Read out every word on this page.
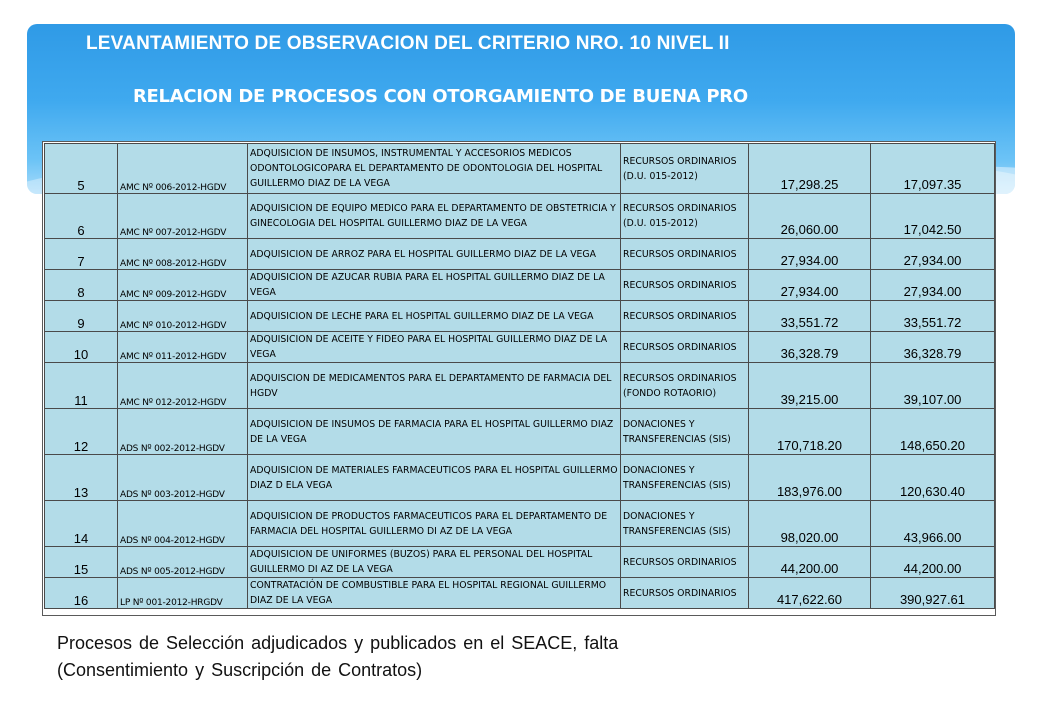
LEVANTAMIENTO DE OBSERVACION DEL CRITERIO NRO. 10 NIVEL II
RELACION DE PROCESOS CON OTORGAMIENTO DE BUENA PRO
5	AMC Nº 006-2012-HGDV	ADQUISICION DE INSUMOS, INSTRUMENTAL Y ACCESORIOS MEDICOS ODONTOLOGICOPARA EL DEPARTAMENTO DE ODONTOLOGIA DEL HOSPITAL GUILLERMO DIAZ DE LA VEGA	RECURSOS ORDINARIOS (D.U. 015-2012)	17,298.25	17,097.35
6	AMC Nº 007-2012-HGDV	ADQUISICION DE EQUIPO MEDICO PARA EL DEPARTAMENTO DE OBSTETRICIA Y GINECOLOGIA DEL HOSPITAL GUILLERMO DIAZ DE LA VEGA	RECURSOS ORDINARIOS (D.U. 015-2012)	26,060.00	17,042.50
7	AMC Nº 008-2012-HGDV	ADQUISICION DE ARROZ PARA EL HOSPITAL GUILLERMO DIAZ DE LA VEGA	RECURSOS ORDINARIOS	27,934.00	27,934.00
8	AMC Nº 009-2012-HGDV	ADQUISICION DE AZUCAR RUBIA PARA EL HOSPITAL GUILLERMO DIAZ DE LA VEGA	RECURSOS ORDINARIOS	27,934.00	27,934.00
9	AMC Nº 010-2012-HGDV	ADQUISICION DE LECHE PARA EL HOSPITAL GUILLERMO DIAZ DE LA VEGA	RECURSOS ORDINARIOS	33,551.72	33,551.72
10	AMC Nº 011-2012-HGDV	ADQUISICION DE ACEITE Y FIDEO PARA EL HOSPITAL GUILLERMO DIAZ DE LA VEGA	RECURSOS ORDINARIOS	36,328.79	36,328.79
11	AMC Nº 012-2012-HGDV	ADQUISCION DE MEDICAMENTOS PARA EL DEPARTAMENTO DE FARMACIA DEL HGDV	RECURSOS ORDINARIOS (FONDO ROTAORIO)	39,215.00	39,107.00
12	ADS Nº 002-2012-HGDV	ADQUISICION DE INSUMOS DE FARMACIA PARA EL HOSPITAL GUILLERMO DIAZ DE LA VEGA	DONACIONES Y TRANSFERENCIAS (SIS)	170,718.20	148,650.20
13	ADS Nº 003-2012-HGDV	ADQUISICION DE MATERIALES FARMACEUTICOS PARA EL HOSPITAL GUILLERMO DIAZ D ELA VEGA	DONACIONES Y TRANSFERENCIAS (SIS)	183,976.00	120,630.40
14	ADS Nº 004-2012-HGDV	ADQUISICION DE PRODUCTOS FARMACEUTICOS PARA EL DEPARTAMENTO DE FARMACIA DEL HOSPITAL GUILLERMO DI AZ DE LA VEGA	DONACIONES Y TRANSFERENCIAS (SIS)	98,020.00	43,966.00
15	ADS Nº 005-2012-HGDV	ADQUISICION DE UNIFORMES (BUZOS) PARA EL PERSONAL DEL HOSPITAL GUILLERMO DI AZ DE LA VEGA	RECURSOS ORDINARIOS	44,200.00	44,200.00
16	LP Nº 001-2012-HRGDV	CONTRATACIÓN DE COMBUSTIBLE PARA EL HOSPITAL REGIONAL GUILLERMO DIAZ DE LA VEGA	RECURSOS ORDINARIOS	417,622.60	390,927.61
Procesos de Selección adjudicados y publicados en el SEACE, falta
(Consentimiento y Suscripción de Contratos)
